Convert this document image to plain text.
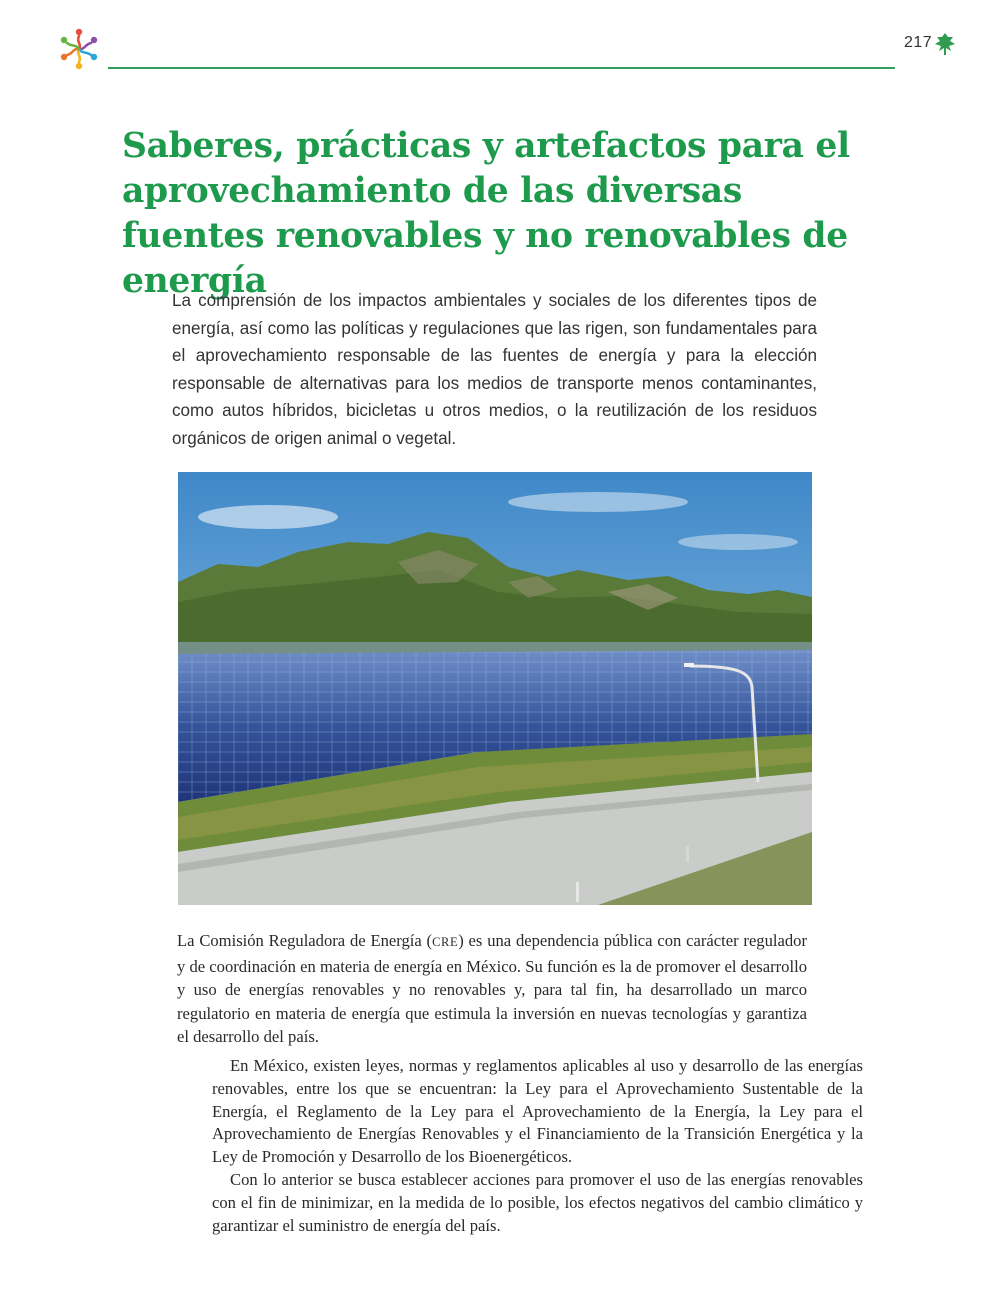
217
Saberes, prácticas y artefactos para el aprovechamiento de las diversas fuentes renovables y no renovables de energía

La comprensión de los impactos ambientales y sociales de los diferentes tipos de energía, así como las políticas y regulaciones que las rigen, son fundamentales para el aprovechamiento responsable de las fuentes de energía y para la elección responsable de alternativas para los medios de transporte menos contaminantes, como autos híbridos, bicicletas u otros medios, o la reutilización de los residuos orgánicos de origen animal o vegetal.

La Comisión Reguladora de Energía (CRE) es una dependencia pública con carácter regulador y de coordinación en materia de energía en México. Su función es la de promover el desarrollo y uso de energías renovables y no renovables y, para tal fin, ha desarrollado un marco regulatorio en materia de energía que estimula la inversión en nuevas tecnologías y garantiza el desarrollo del país.

En México, existen leyes, normas y reglamentos aplicables al uso y desarrollo de las energías renovables, entre los que se encuentran: la Ley para el Aprovechamiento Sustentable de la Energía, el Reglamento de la Ley para el Aprovechamiento de la Energía, la Ley para el Aprovechamiento de Energías Renovables y el Financiamiento de la Transición Energética y la Ley de Promoción y Desarrollo de los Bioenergéticos.

Con lo anterior se busca establecer acciones para promover el uso de las energías renovables con el fin de minimizar, en la medida de lo posible, los efectos negativos del cambio climático y garantizar el suministro de energía del país.
